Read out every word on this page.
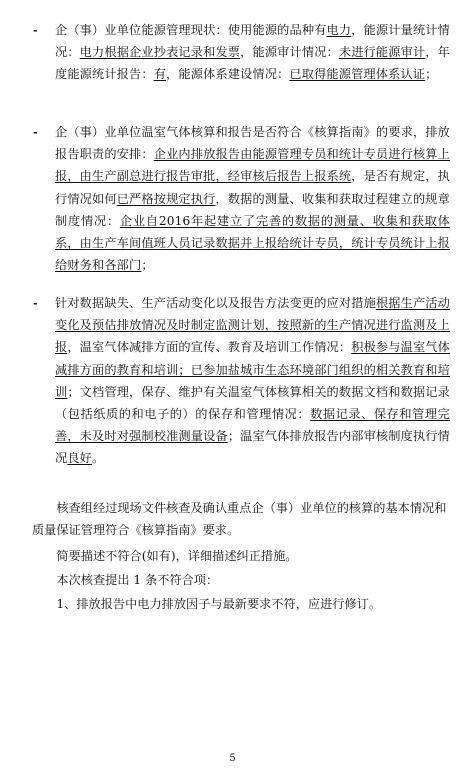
- 企（事）业单位能源管理现状：使用能源的品种有电力，能源计量统计情况：电力根据企业抄表记录和发票，能源审计情况：未进行能源审计，年度能源统计报告：有，能源体系建设情况：已取得能源管理体系认证；
- 企（事）业单位温室气体核算和报告是否符合《核算指南》的要求，排放报告职责的安排：企业内排放报告由能源管理专员和统计专员进行核算上报，由生产副总进行报告审批，经审核后报告上报系统，是否有规定，执行情况如何已严格按规定执行，数据的测量、收集和获取过程建立的规章制度情况：企业自2016年起建立了完善的数据的测量、收集和获取体系，由生产车间值班人员记录数据并上报给统计专员，统计专员统计上报给财务和各部门；
- 针对数据缺失、生产活动变化以及报告方法变更的应对措施根据生产活动变化及预估排放情况及时制定监测计划，按照新的生产情况进行监测及上报，温室气体减排方面的宣传、教育及培训工作情况：积极参与温室气体减排方面的教育和培训；已参加盐城市生态环境部门组织的相关教育和培训；文档管理，保存、维护有关温室气体核算相关的数据文档和数据记录（包括纸质的和电子的）的保存和管理情况：数据记录、保存和管理完善，未及时对强制校准测量设备；温室气体排放报告内部审核制度执行情况良好。
核查组经过现场文件核查及确认重点企（事）业单位的核算的基本情况和质量保证管理符合《核算指南》要求。
简要描述不符合(如有)，详细描述纠正措施。
本次核查提出 1 条不符合项：
1、排放报告中电力排放因子与最新要求不符，应进行修订。
5
